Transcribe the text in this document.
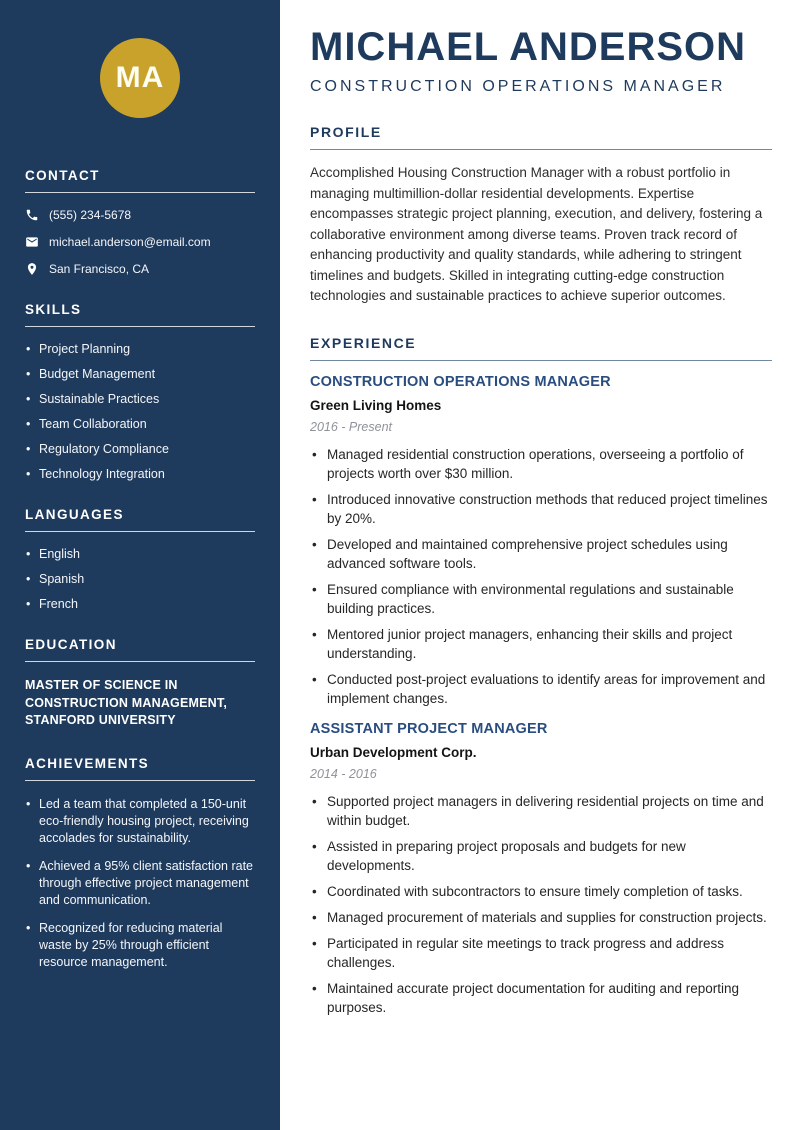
MA
CONTACT
(555) 234-5678
michael.anderson@email.com
San Francisco, CA
SKILLS
• Project Planning
• Budget Management
• Sustainable Practices
• Team Collaboration
• Regulatory Compliance
• Technology Integration
LANGUAGES
• English
• Spanish
• French
EDUCATION
MASTER OF SCIENCE IN CONSTRUCTION MANAGEMENT, STANFORD UNIVERSITY
ACHIEVEMENTS
• Led a team that completed a 150-unit eco-friendly housing project, receiving accolades for sustainability.
• Achieved a 95% client satisfaction rate through effective project management and communication.
• Recognized for reducing material waste by 25% through efficient resource management.
MICHAEL ANDERSON
CONSTRUCTION OPERATIONS MANAGER
PROFILE

Accomplished Housing Construction Manager with a robust portfolio in managing multimillion-dollar residential developments. Expertise encompasses strategic project planning, execution, and delivery, fostering a collaborative environment among diverse teams. Proven track record of enhancing productivity and quality standards, while adhering to stringent timelines and budgets. Skilled in integrating cutting-edge construction technologies and sustainable practices to achieve superior outcomes.

EXPERIENCE
CONSTRUCTION OPERATIONS MANAGER
Green Living Homes
2016 - Present
• Managed residential construction operations, overseeing a portfolio of projects worth over $30 million.
• Introduced innovative construction methods that reduced project timelines by 20%.
• Developed and maintained comprehensive project schedules using advanced software tools.
• Ensured compliance with environmental regulations and sustainable building practices.
• Mentored junior project managers, enhancing their skills and project understanding.
• Conducted post-project evaluations to identify areas for improvement and implement changes.
ASSISTANT PROJECT MANAGER
Urban Development Corp.
2014 - 2016
• Supported project managers in delivering residential projects on time and within budget.
• Assisted in preparing project proposals and budgets for new developments.
• Coordinated with subcontractors to ensure timely completion of tasks.
• Managed procurement of materials and supplies for construction projects.
• Participated in regular site meetings to track progress and address challenges.
• Maintained accurate project documentation for auditing and reporting purposes.
